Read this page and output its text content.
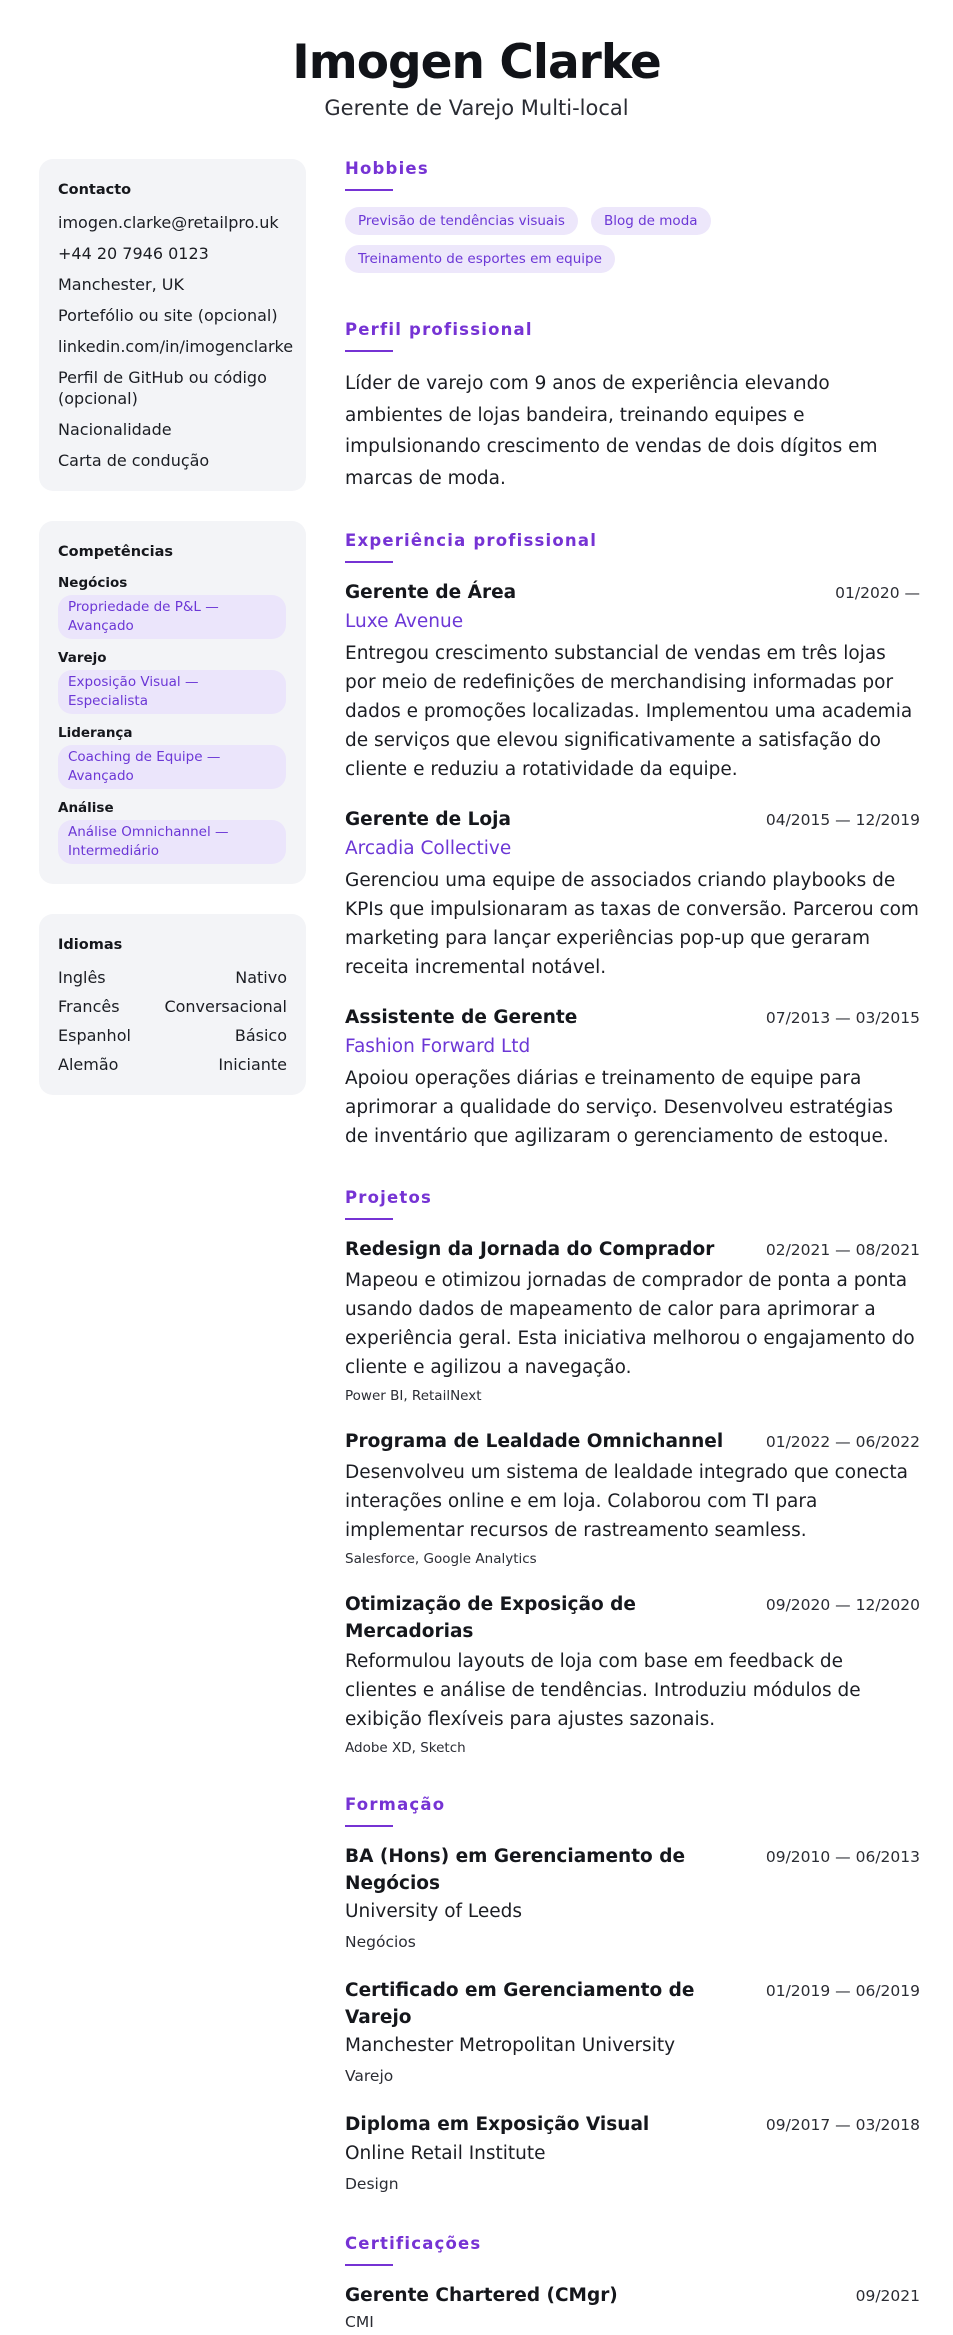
Imogen Clarke
Gerente de Varejo Multi-local
Contacto
imogen.clarke@retailpro.uk
+44 20 7946 0123
Manchester, UK
Portefólio ou site (opcional)
linkedin.com/in/imogenclarke
Perfil de GitHub ou código (opcional)
Nacionalidade
Carta de condução
Competências
Negócios
Propriedade de P&L — Avançado
Varejo
Exposição Visual — Especialista
Liderança
Coaching de Equipe — Avançado
Análise
Análise Omnichannel — Intermediário
Idiomas
Inglês	Nativo
Francês	Conversacional
Espanhol	Básico
Alemão	Iniciante
Hobbies
Previsão de tendências visuais	Blog de moda
Treinamento de esportes em equipe
Perfil profissional
Líder de varejo com 9 anos de experiência elevando ambientes de lojas bandeira, treinando equipes e impulsionando crescimento de vendas de dois dígitos em marcas de moda.
Experiência profissional
Gerente de Área	01/2020 —
Luxe Avenue
Entregou crescimento substancial de vendas em três lojas por meio de redefinições de merchandising informadas por dados e promoções localizadas. Implementou uma academia de serviços que elevou significativamente a satisfação do cliente e reduziu a rotatividade da equipe.
Gerente de Loja	04/2015 — 12/2019
Arcadia Collective
Gerenciou uma equipe de associados criando playbooks de KPIs que impulsionaram as taxas de conversão. Parcerou com marketing para lançar experiências pop-up que geraram receita incremental notável.
Assistente de Gerente	07/2013 — 03/2015
Fashion Forward Ltd
Apoiou operações diárias e treinamento de equipe para aprimorar a qualidade do serviço. Desenvolveu estratégias de inventário que agilizaram o gerenciamento de estoque.
Projetos
Redesign da Jornada do Comprador	02/2021 — 08/2021
Mapeou e otimizou jornadas de comprador de ponta a ponta usando dados de mapeamento de calor para aprimorar a experiência geral. Esta iniciativa melhorou o engajamento do cliente e agilizou a navegação.
Power BI, RetailNext
Programa de Lealdade Omnichannel	01/2022 — 06/2022
Desenvolveu um sistema de lealdade integrado que conecta interações online e em loja. Colaborou com TI para implementar recursos de rastreamento seamless.
Salesforce, Google Analytics
Otimização de Exposição de Mercadorias
09/2020 — 12/2020
Reformulou layouts de loja com base em feedback de clientes e análise de tendências. Introduziu módulos de exibição flexíveis para ajustes sazonais.
Adobe XD, Sketch
Formação
BA (Hons) em Gerenciamento de Negócios
09/2010 — 06/2013
University of Leeds
Negócios
Certificado em Gerenciamento de Varejo
01/2019 — 06/2019
Manchester Metropolitan University
Varejo
Diploma em Exposição Visual	09/2017 — 03/2018
Online Retail Institute
Design
Certificações
Gerente Chartered (CMgr)	09/2021
CMI
